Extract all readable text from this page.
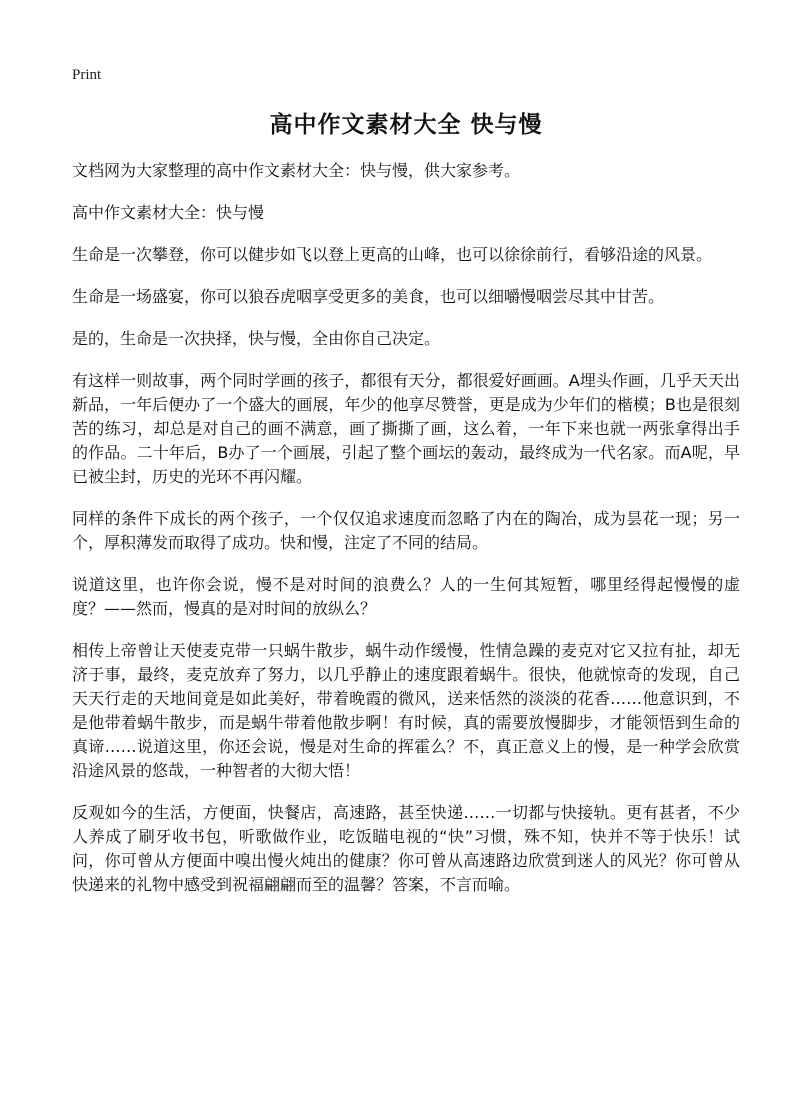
Print
高中作文素材大全 快与慢

文档网为大家整理的高中作文素材大全：快与慢，供大家参考。

高中作文素材大全：快与慢

生命是一次攀登，你可以健步如飞以登上更高的山峰，也可以徐徐前行，看够沿途的风景。

生命是一场盛宴，你可以狼吞虎咽享受更多的美食，也可以细嚼慢咽尝尽其中甘苦。

是的，生命是一次抉择，快与慢，全由你自己决定。

有这样一则故事，两个同时学画的孩子，都很有天分，都很爱好画画。A埋头作画，几乎天天出新品，一年后便办了一个盛大的画展，年少的他享尽赞誉，更是成为少年们的楷模；B也是很刻苦的练习，却总是对自己的画不满意，画了撕撕了画，这么着，一年下来也就一两张拿得出手的作品。二十年后，B办了一个画展，引起了整个画坛的轰动，最终成为一代名家。而A呢，早已被尘封，历史的光环不再闪耀。

同样的条件下成长的两个孩子，一个仅仅追求速度而忽略了内在的陶冶，成为昙花一现；另一个，厚积薄发而取得了成功。快和慢，注定了不同的结局。

说道这里，也许你会说，慢不是对时间的浪费么？人的一生何其短暂，哪里经得起慢慢的虚度？——然而，慢真的是对时间的放纵么？

相传上帝曾让天使麦克带一只蜗牛散步，蜗牛动作缓慢，性情急躁的麦克对它又拉有扯，却无济于事，最终，麦克放弃了努力，以几乎静止的速度跟着蜗牛。很快，他就惊奇的发现，自己天天行走的天地间竟是如此美好，带着晚霞的微风，送来恬然的淡淡的花香……他意识到，不是他带着蜗牛散步，而是蜗牛带着他散步啊！有时候，真的需要放慢脚步，才能领悟到生命的真谛……说道这里，你还会说，慢是对生命的挥霍么？不，真正意义上的慢，是一种学会欣赏沿途风景的悠哉，一种智者的大彻大悟！

反观如今的生活，方便面，快餐店，高速路，甚至快递……一切都与快接轨。更有甚者，不少人养成了刷牙收书包，听歌做作业，吃饭瞄电视的“快”习惯，殊不知，快并不等于快乐！试问，你可曾从方便面中嗅出慢火炖出的健康？你可曾从高速路边欣赏到迷人的风光？你可曾从快递来的礼物中感受到祝福翩翩而至的温馨？答案，不言而喻。
